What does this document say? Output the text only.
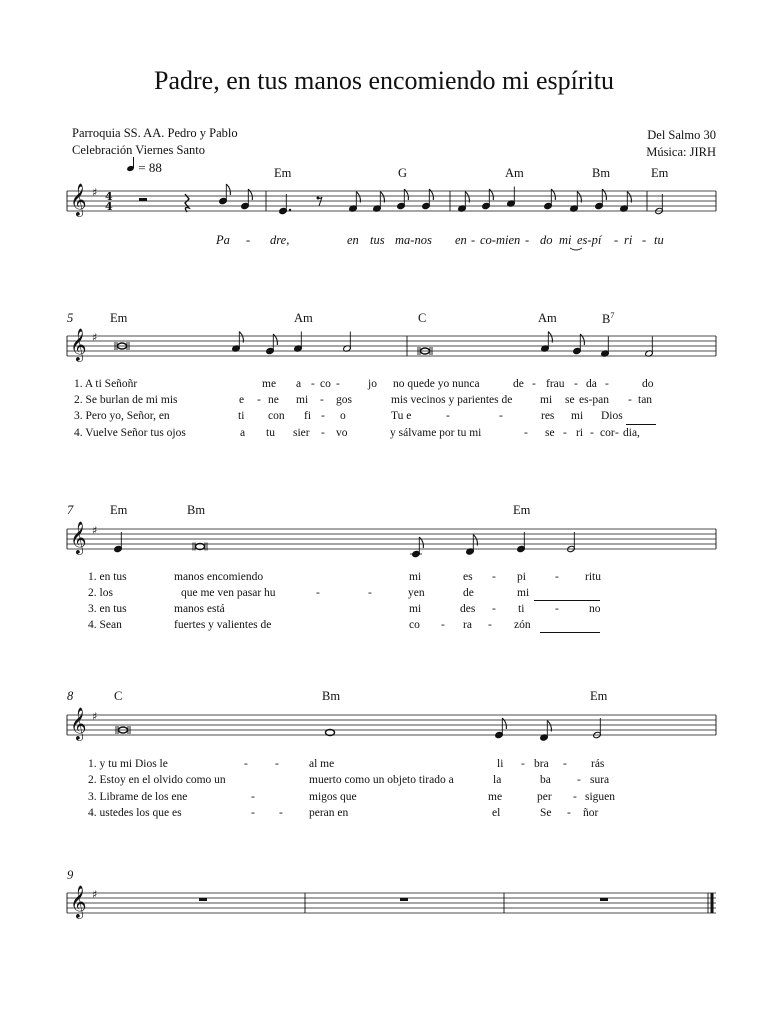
Padre, en tus manos encomiendo mi espíritu
Parroquia SS. AA. Pedro y Pablo
Celebración Viernes Santo
Del Salmo 30
Música: JIRH
= 88
5
7
8
9
Em	G	Am	Bm	Em
Em	Am	C	Am	$B^7$
Em	Bm	Em
C	Bm	Em
Pa - dre,	en tus ma-nos en - co-mien - do mi es-pí - ri - tu
1. A ti Señoñr	me a - co - jo no quede yo nunca	de - frau - da -	do
2. Se burlan de mi mis	e - ne mi - gos	mis vecinos y parientes de mi se es-pan - tan
3. Pero yo, Señor, en	ti con fi - o	Tu e	-	-	res mi Dios
4. Vuelve Señor tus ojos	a tu sier - vo	y sálvame por tu mi	- se - ri - cor - dia,
1. en tus	manos encomiendo	mi	es - pi	- ritu
2. los	que me ven pasar hu	-	-	yen	de	mi
3. en tus	manos está	mi	des - ti	-	no
4. Sean	fuertes y valientes de	co - ra - zón
1. y tu mi Dios le	- -	al me	li - bra - rás
2. Estoy en el olvido como un	muerto como un objeto tirado a	la	ba - sura
3. Librame de los ene	-	migos que	me	per - siguen
4. ustedes los que es	- - peran en	el	Se - ñor
𝄞 ♯
𝄞 ♯
𝄞 ♯
𝄞 ♯
𝄞 ♯
4
4
